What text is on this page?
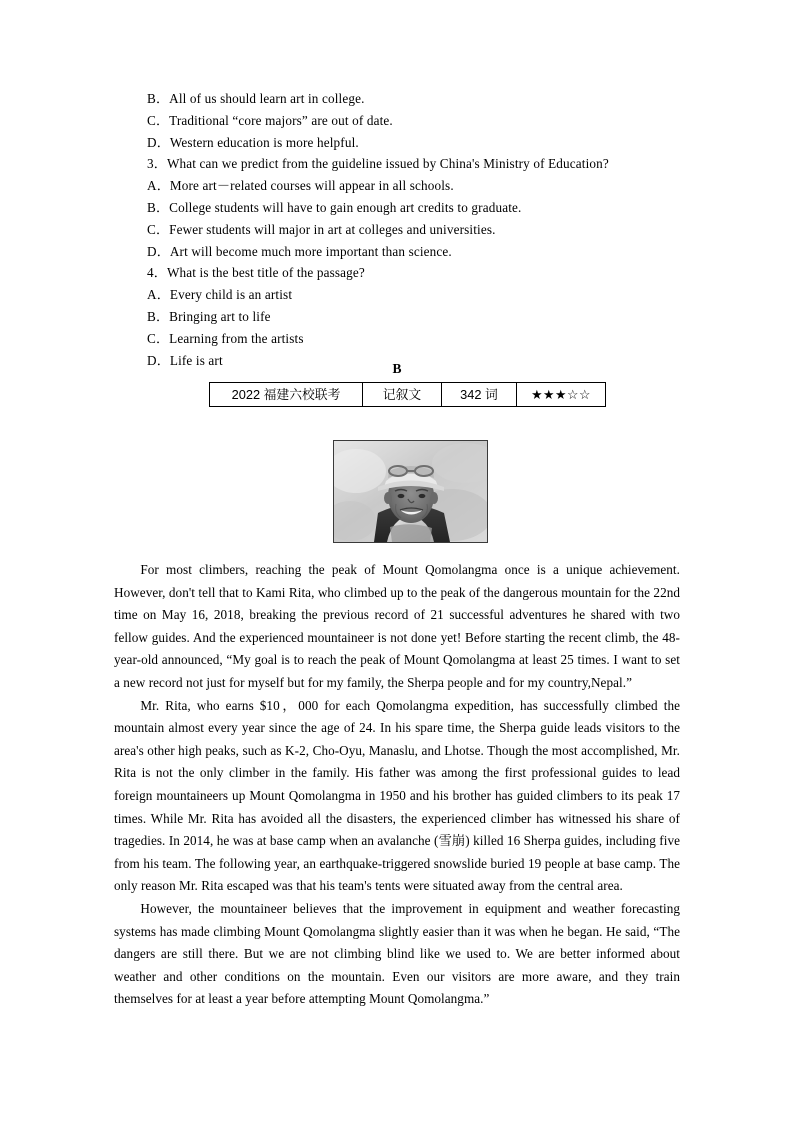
B ． All of us should learn art in college.
C ． Traditional “core majors” are out of date.
D ． Western education is more helpful.
3 ． What can we predict from the guideline issued by China's Ministry of Education?
A ． More art－related courses will appear in all schools.
B ． College students will have to gain enough art credits to graduate.
C ． Fewer students will major in art at colleges and universities.
D ． Art will become much more important than science.
4 ． What is the best title of the passage?
A ． Every child is an artist
B ． Bringing art to life
C ． Learning from the artists
D ． Life is art
B
2022 福建六校联考	记叙文	342 词	★★★☆☆

For most climbers, reaching the peak of Mount Qomolangma once is a unique achievement. However, don't tell that to Kami Rita, who climbed up to the peak of the dangerous mountain for the 22nd time on May 16, 2018, breaking the previous record of 21 successful adventures he shared with two fellow guides. And the experienced mountaineer is not done yet! Before starting the recent climb, the 48-year-old announced, “My goal is to reach the peak of Mount Qomolangma at least 25 times. I want to set a new record not just for myself but for my family, the Sherpa people and for my country,Nepal.”

Mr. Rita, who earns $10，000 for each Qomolangma expedition, has successfully climbed the mountain almost every year since the age of 24. In his spare time, the Sherpa guide leads visitors to the area's other high peaks, such as K-2, Cho-Oyu, Manaslu, and Lhotse. Though the most accomplished, Mr. Rita is not the only climber in the family. His father was among the first professional guides to lead foreign mountaineers up Mount Qomolangma in 1950 and his brother has guided climbers to its peak 17 times. While Mr. Rita has avoided all the disasters, the experienced climber has witnessed his share of tragedies. In 2014, he was at base camp when an avalanche (雪崩) killed 16 Sherpa guides, including five from his team. The following year, an earthquake-triggered snowslide buried 19 people at base camp. The only reason Mr. Rita escaped was that his team's tents were situated away from the central area.

However, the mountaineer believes that the improvement in equipment and weather forecasting systems has made climbing Mount Qomolangma slightly easier than it was when he began. He said, “The dangers are still there. But we are not climbing blind like we used to. We are better informed about weather and other conditions on the mountain. Even our visitors are more aware, and they train themselves for at least a year before attempting Mount Qomolangma.”
